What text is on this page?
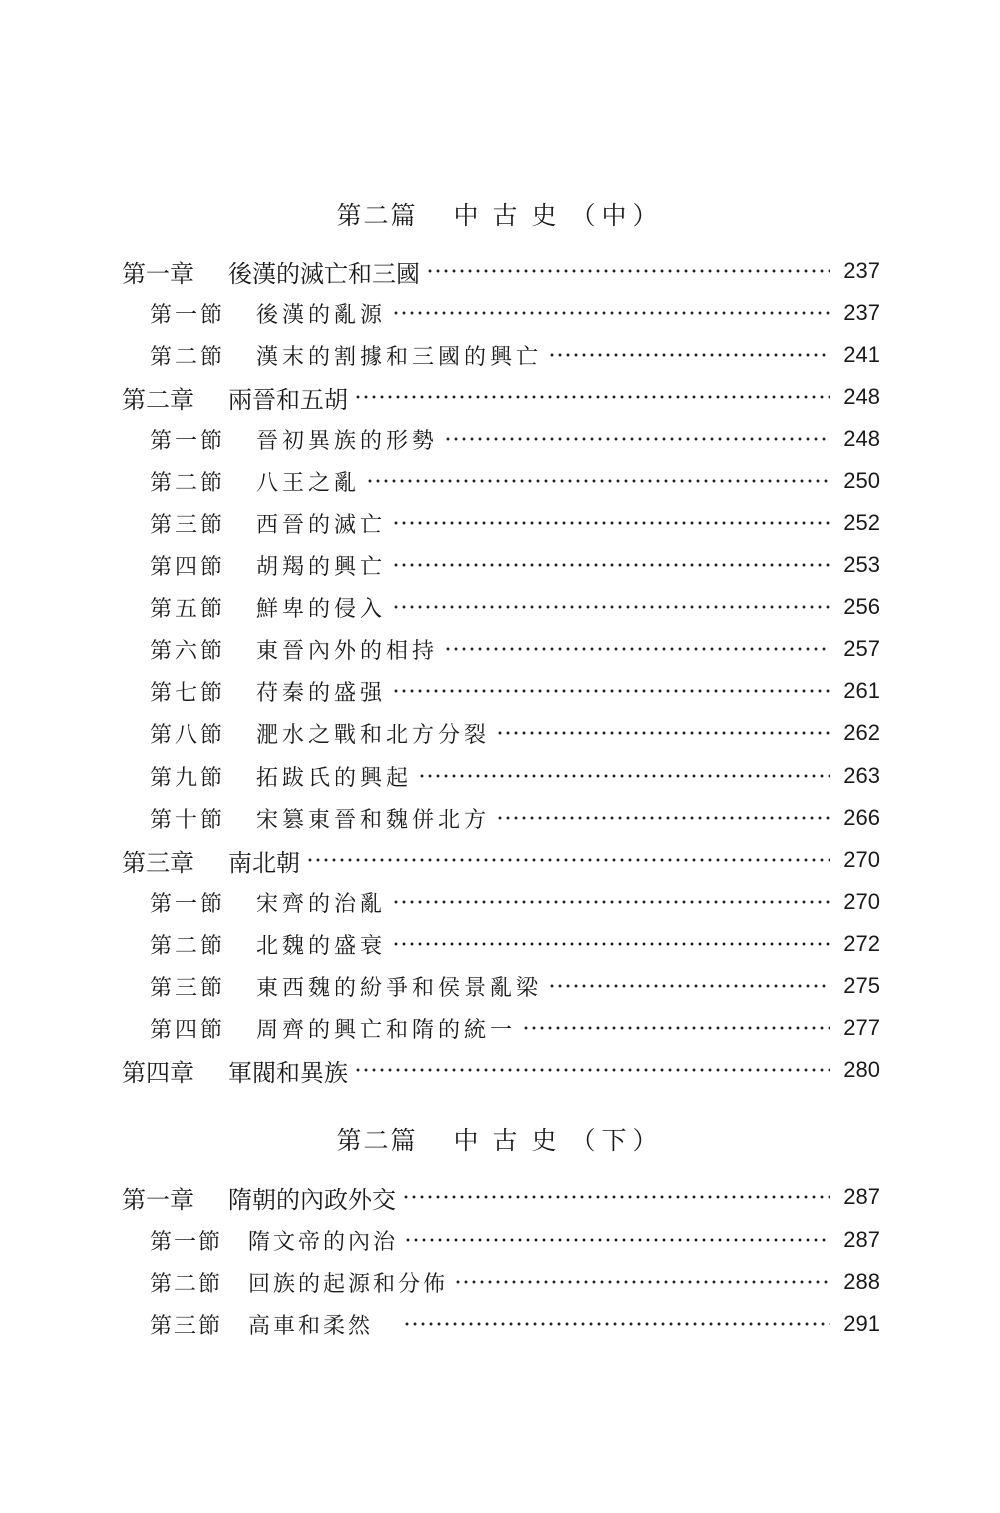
第二篇 中古史（中）
第一章	後漢的滅亡和三國	237
第一節	後漢的亂源	237
第二節	漢末的割據和三國的興亡	241
第二章	兩晉和五胡	248
第一節	晉初異族的形勢	248
第二節	八王之亂	250
第三節	西晉的滅亡	252
第四節	胡羯的興亡	253
第五節	鮮卑的侵入	256
第六節	東晉內外的相持	257
第七節	苻秦的盛强	261
第八節	淝水之戰和北方分裂	262
第九節	拓跋氏的興起	263
第十節	宋篡東晉和魏併北方	266
第三章	南北朝	270
第一節	宋齊的治亂	270
第二節	北魏的盛衰	272
第三節	東西魏的紛爭和侯景亂梁	275
第四節	周齊的興亡和隋的統一	277
第四章	軍閥和異族	280
第二篇 中古史（下）
第一章	隋朝的內政外交	287
第一節	隋文帝的內治	287
第二節	回族的起源和分佈	288
第三節	高車和柔然	291
